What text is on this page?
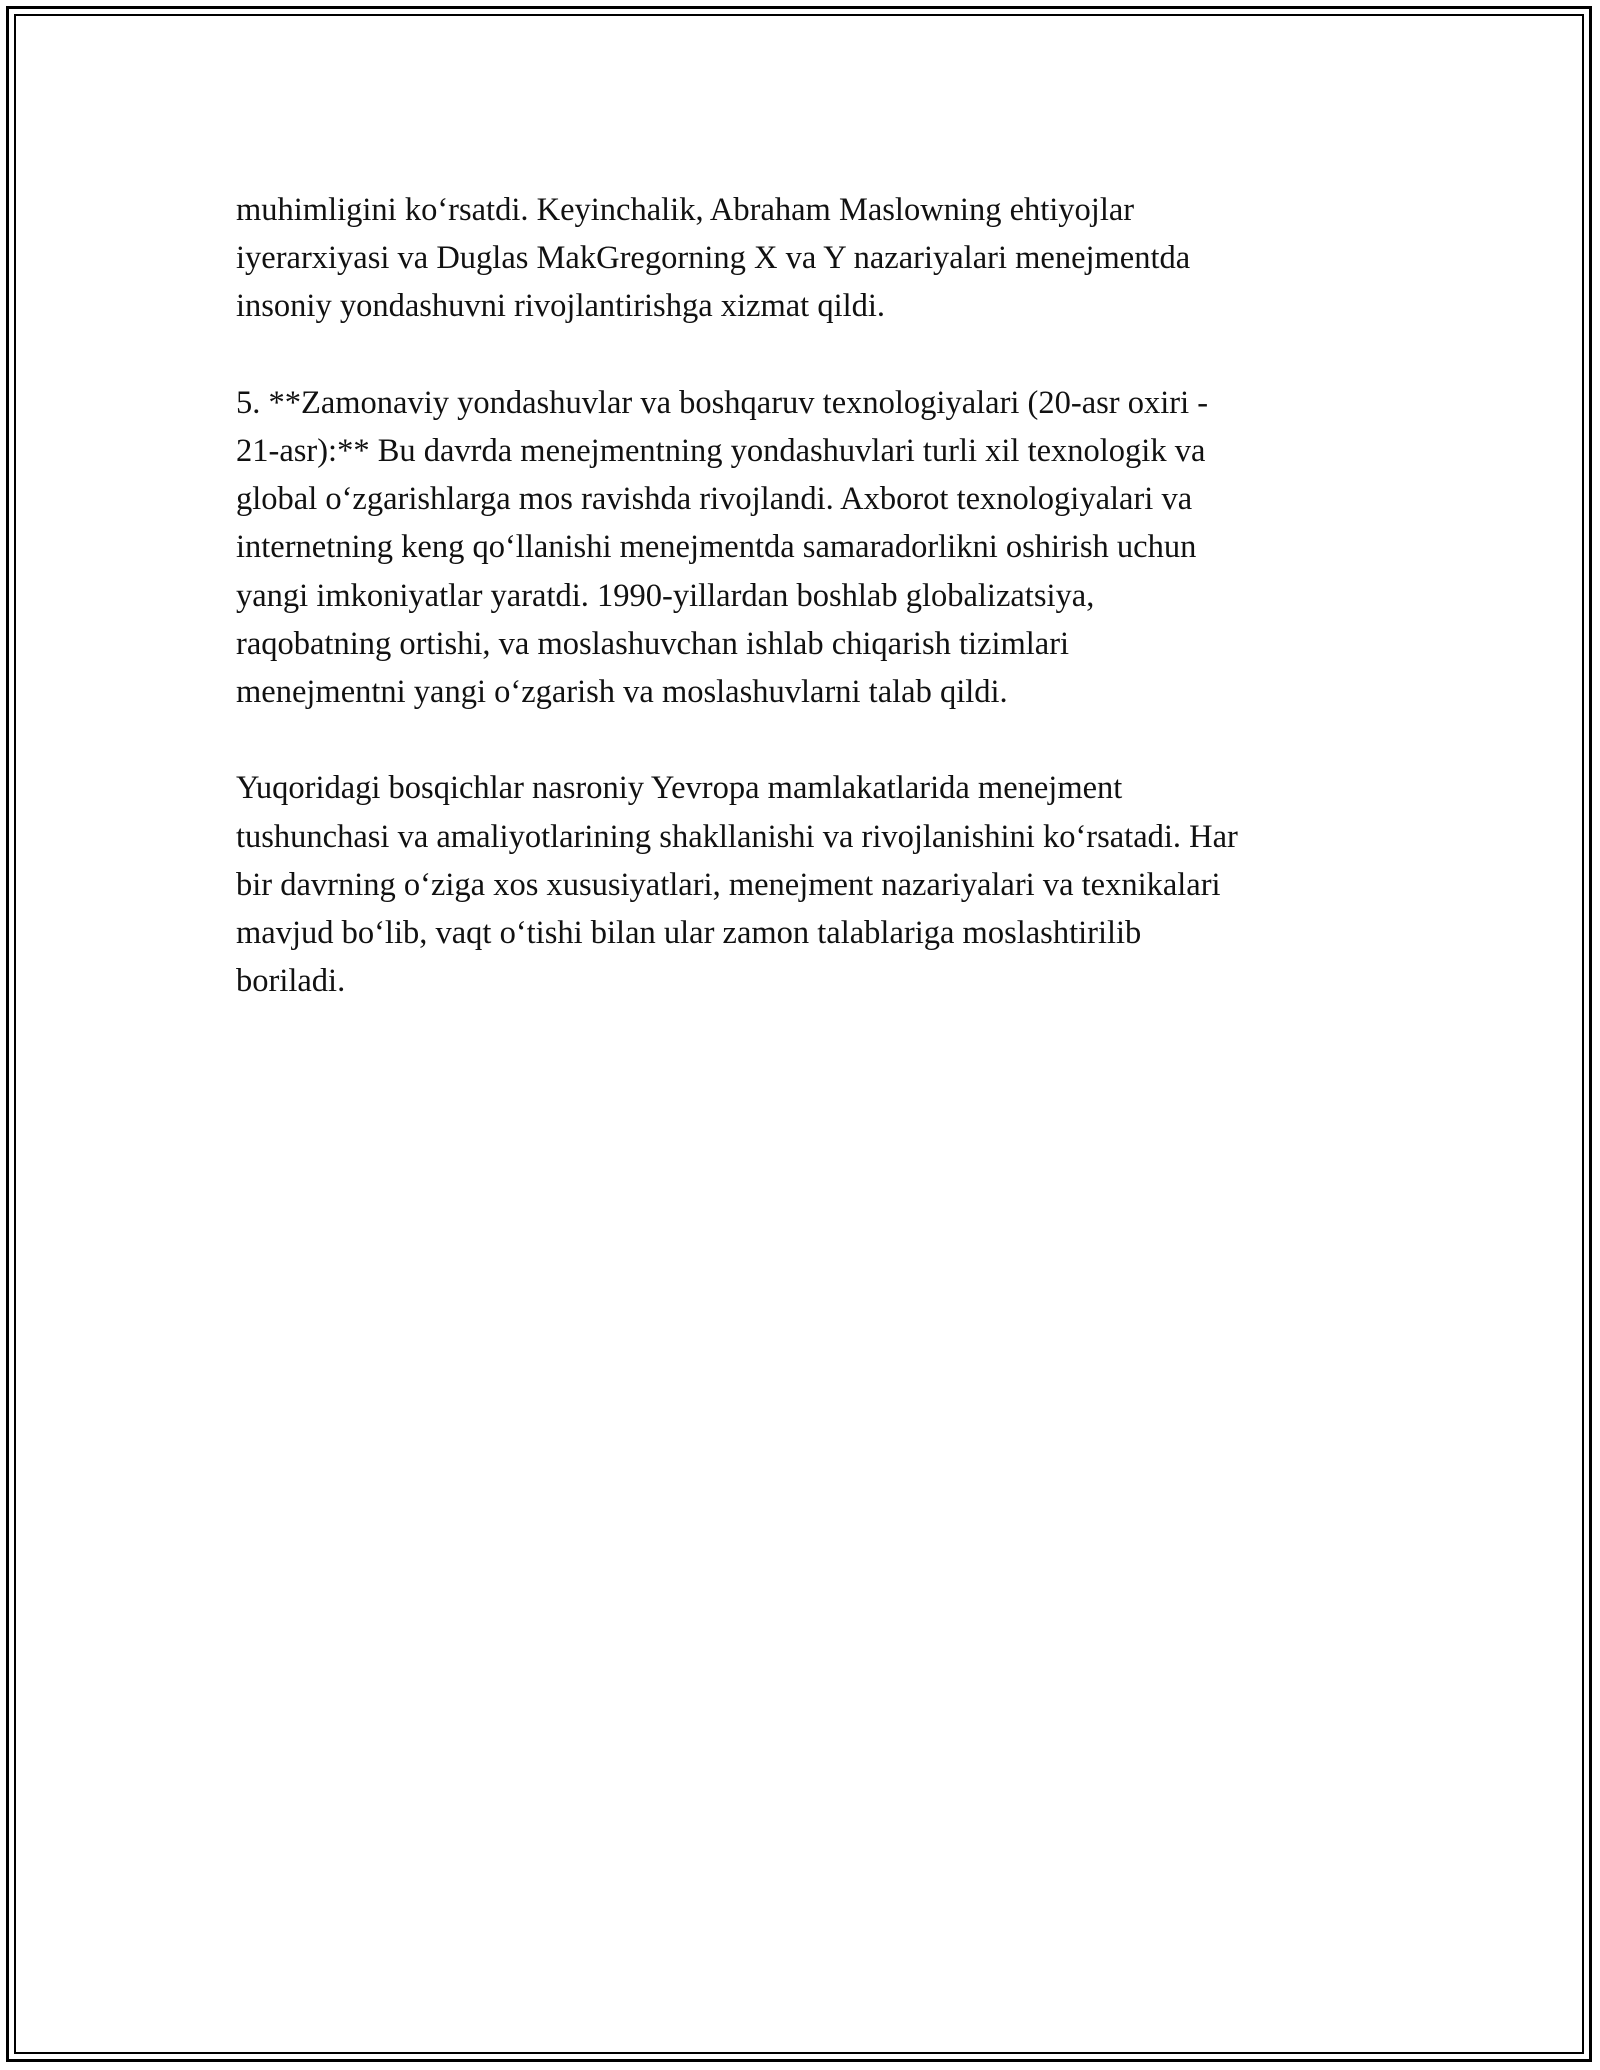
muhimligini ko‘rsatdi. Keyinchalik, Abraham Maslowning ehtiyojlar
iyerarxiyasi va Duglas MakGregorning X va Y nazariyalari menejmentda
insoniy yondashuvni rivojlantirishga xizmat qildi.

5. **Zamonaviy yondashuvlar va boshqaruv texnologiyalari (20-asr oxiri -
21-asr):** Bu davrda menejmentning yondashuvlari turli xil texnologik va
global o‘zgarishlarga mos ravishda rivojlandi. Axborot texnologiyalari va
internetning keng qo‘llanishi menejmentda samaradorlikni oshirish uchun
yangi imkoniyatlar yaratdi. 1990-yillardan boshlab globalizatsiya,
raqobatning ortishi, va moslashuvchan ishlab chiqarish tizimlari
menejmentni yangi o‘zgarish va moslashuvlarni talab qildi.

Yuqoridagi bosqichlar nasroniy Yevropa mamlakatlarida menejment
tushunchasi va amaliyotlarining shakllanishi va rivojlanishini ko‘rsatadi. Har
bir davrning o‘ziga xos xususiyatlari, menejment nazariyalari va texnikalari
mavjud bo‘lib, vaqt o‘tishi bilan ular zamon talablariga moslashtirilib
boriladi.
